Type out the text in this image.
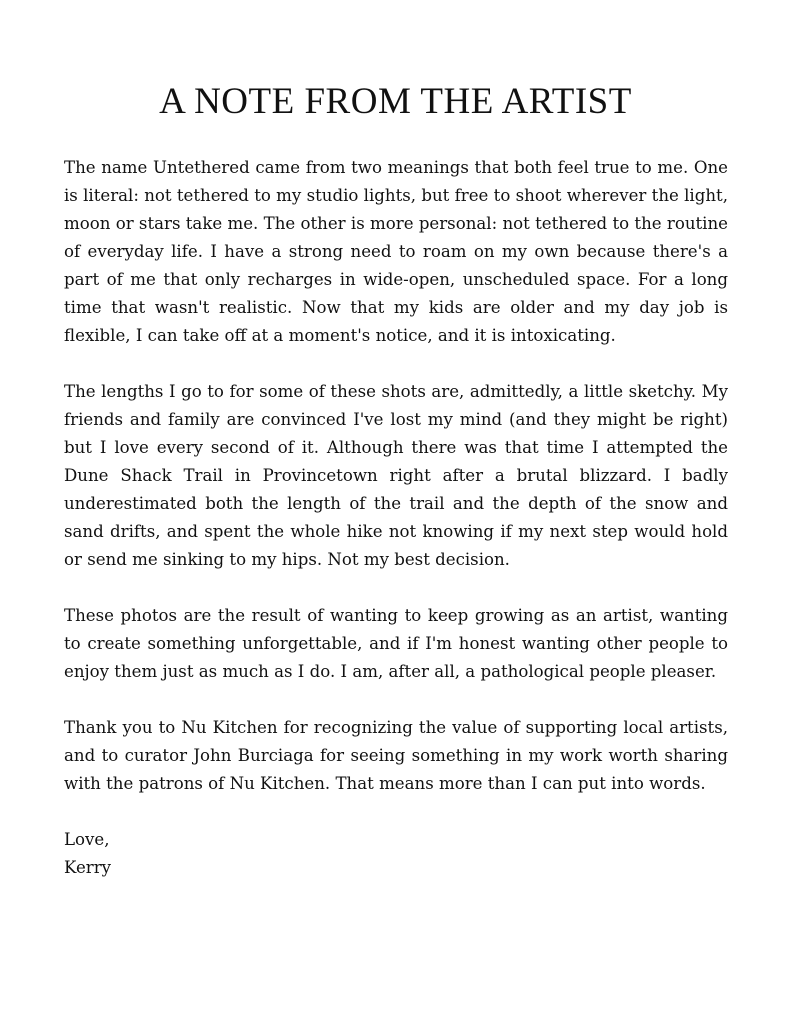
A NOTE FROM THE ARTIST

The name Untethered came from two meanings that both feel true to me. One is literal: not tethered to my studio lights, but free to shoot wherever the light, moon or stars take me. The other is more personal: not tethered to the routine of everyday life. I have a strong need to roam on my own because there's a part of me that only recharges in wide-open, unscheduled space. For a long time that wasn't realistic. Now that my kids are older and my day job is flexible, I can take off at a moment's notice, and it is intoxicating.

The lengths I go to for some of these shots are, admittedly, a little sketchy. My friends and family are convinced I've lost my mind (and they might be right) but I love every second of it. Although there was that time I attempted the Dune Shack Trail in Provincetown right after a brutal blizzard. I badly underestimated both the length of the trail and the depth of the snow and sand drifts, and spent the whole hike not knowing if my next step would hold or send me sinking to my hips. Not my best decision.

These photos are the result of wanting to keep growing as an artist, wanting to create something unforgettable, and if I'm honest wanting other people to enjoy them just as much as I do. I am, after all, a pathological people pleaser.

Thank you to Nu Kitchen for recognizing the value of supporting local artists, and to curator John Burciaga for seeing something in my work worth sharing with the patrons of Nu Kitchen. That means more than I can put into words.

Love,
Kerry
